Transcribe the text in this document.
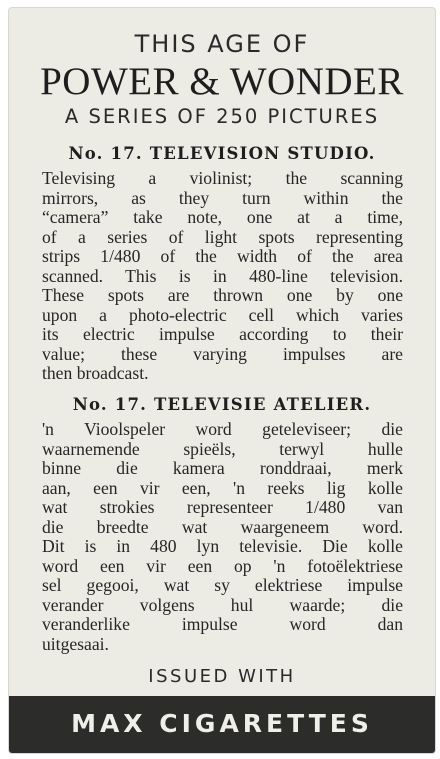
THIS AGE OF
POWER & WONDER
A SERIES OF 250 PICTURES
No. 17. TELEVISION STUDIO.
Televising a violinist; the scanning
mirrors, as they turn within the
“camera” take note, one at a time,
of a series of light spots representing
strips 1/480 of the width of the area
scanned. This is in 480-line television.
These spots are thrown one by one
upon a photo-electric cell which varies
its electric impulse according to their
value; these varying impulses are
then broadcast.
No. 17. TELEVISIE ATELIER.
'n Vioolspeler word geteleviseer; die
waarnemende spieëls, terwyl hulle
binne die kamera ronddraai, merk
aan, een vir een, 'n reeks lig kolle
wat strokies representeer 1/480 van
die breedte wat waargeneem word.
Dit is in 480 lyn televisie. Die kolle
word een vir een op 'n fotoëlektriese
sel gegooi, wat sy elektriese impulse
verander volgens hul waarde; die
veranderlike impulse word dan
uitgesaai.
ISSUED WITH
MAX CIGARETTES
